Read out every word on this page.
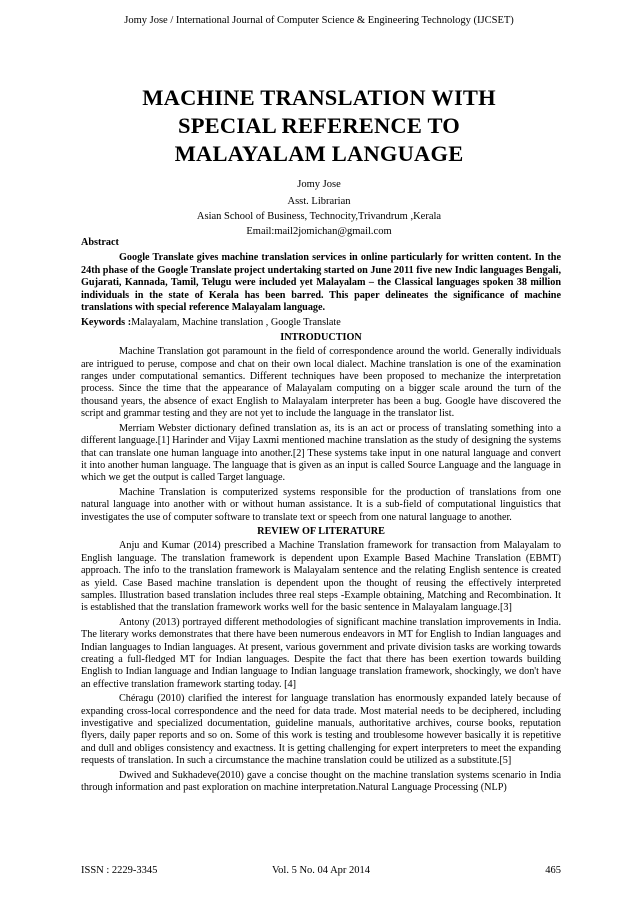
Jomy Jose / International Journal of Computer Science & Engineering Technology (IJCSET)
MACHINE TRANSLATION WITH
SPECIAL REFERENCE TO
MALAYALAM LANGUAGE
Jomy Jose
Asst. Librarian
Asian School of Business, Technocity,Trivandrum ,Kerala
Email:mail2jomichan@gmail.com
Abstract

Google Translate gives machine translation services in online particularly for written content. In the 24th phase of the Google Translate project undertaking started on June 2011 five new Indic languages Bengali, Gujarati, Kannada, Tamil, Telugu were included yet Malayalam – the Classical languages spoken 38 million individuals in the state of Kerala has been barred. This paper delineates the significance of machine translations with special reference Malayalam language.

Keywords :Malayalam, Machine translation , Google Translate

INTRODUCTION

Machine Translation got paramount in the field of correspondence around the world. Generally individuals are intrigued to peruse, compose and chat on their own local dialect. Machine translation is one of the examination ranges under computational semantics. Different techniques have been proposed to mechanize the interpretation process. Since the time that the appearance of Malayalam computing on a bigger scale around the turn of the thousand years, the absence of exact English to Malayalam interpreter has been a bug. Google have discovered the script and grammar testing and they are not yet to include the language in the translator list.

Merriam Webster dictionary defined translation as, its is an act or process of translating something into a different language.[1] Harinder and Vijay Laxmi mentioned machine translation as the study of designing the systems that can translate one human language into another.[2] These systems take input in one natural language and convert it into another human language. The language that is given as an input is called Source Language and the language in which we get the output is called Target language.

Machine Translation is computerized systems responsible for the production of translations from one natural language into another with or without human assistance. It is a sub-field of computational linguistics that investigates the use of computer software to translate text or speech from one natural language to another.

REVIEW OF LITERATURE

Anju and Kumar (2014) prescribed a Machine Translation framework for transaction from Malayalam to English language. The translation framework is dependent upon Example Based Machine Translation (EBMT) approach. The info to the translation framework is Malayalam sentence and the relating English sentence is created as yield. Case Based machine translation is dependent upon the thought of reusing the effectively interpreted samples. Illustration based translation includes three real steps -Example obtaining, Matching and Recombination. It is established that the translation framework works well for the basic sentence in Malayalam language.[3]

Antony (2013) portrayed different methodologies of significant machine translation improvements in India. The literary works demonstrates that there have been numerous endeavors in MT for English to Indian languages and Indian languages to Indian languages. At present, various government and private division tasks are working towards creating a full-fledged MT for Indian languages. Despite the fact that there has been exertion towards building English to Indian language and Indian language to Indian language translation framework, shockingly, we don't have an effective translation framework starting today. [4]

Chéragu (2010) clarified the interest for language translation has enormously expanded lately because of expanding cross-local correspondence and the need for data trade. Most material needs to be deciphered, including investigative and specialized documentation, guideline manuals, authoritative archives, course books, reputation flyers, daily paper reports and so on. Some of this work is testing and troublesome however basically it is repetitive and dull and obliges consistency and exactness. It is getting challenging for expert interpreters to meet the expanding requests of translation. In such a circumstance the machine translation could be utilized as a substitute.[5]

Dwived and Sukhadeve(2010) gave a concise thought on the machine translation systems scenario in India through information and past exploration on machine interpretation.Natural Language Processing (NLP)

ISSN : 2229-3345	Vol. 5 No. 04 Apr 2014	465
